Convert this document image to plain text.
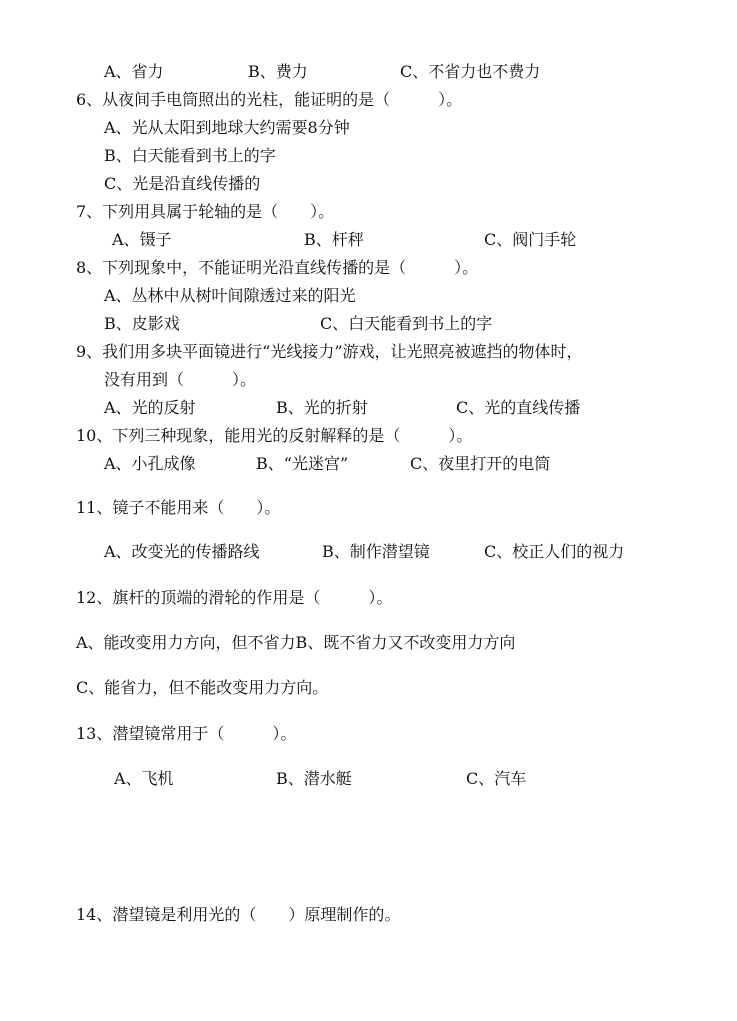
A、省力	B、费力	C、不省力也不费力
6、从夜间手电筒照出的光柱，能证明的是（　　　）。
A、光从太阳到地球大约需要8分钟
B、白天能看到书上的字
C、光是沿直线传播的
7、下列用具属于轮轴的是（　　）。
A、镊子	B、杆秤	C、阀门手轮
8、下列现象中，不能证明光沿直线传播的是（　　　）。
A、丛林中从树叶间隙透过来的阳光
B、皮影戏	C、白天能看到书上的字
9、我们用多块平面镜进行“光线接力”游戏，让光照亮被遮挡的物体时，
没有用到（　　　）。
A、光的反射	B、光的折射	C、光的直线传播
10、下列三种现象，能用光的反射解释的是（　　　）。
A、小孔成像	B、“光迷宫”	C、夜里打开的电筒
11、镜子不能用来（　　）。
A、改变光的传播路线	B、制作潜望镜	C、校正人们的视力
12、旗杆的顶端的滑轮的作用是（　　　）。
A、能改变用力方向，但不省力B、既不省力又不改变用力方向
C、能省力，但不能改变用力方向。
13、潜望镜常用于（　　　）。
A、飞机	B、潜水艇	C、汽车
14、潜望镜是利用光的（　　）原理制作的。
